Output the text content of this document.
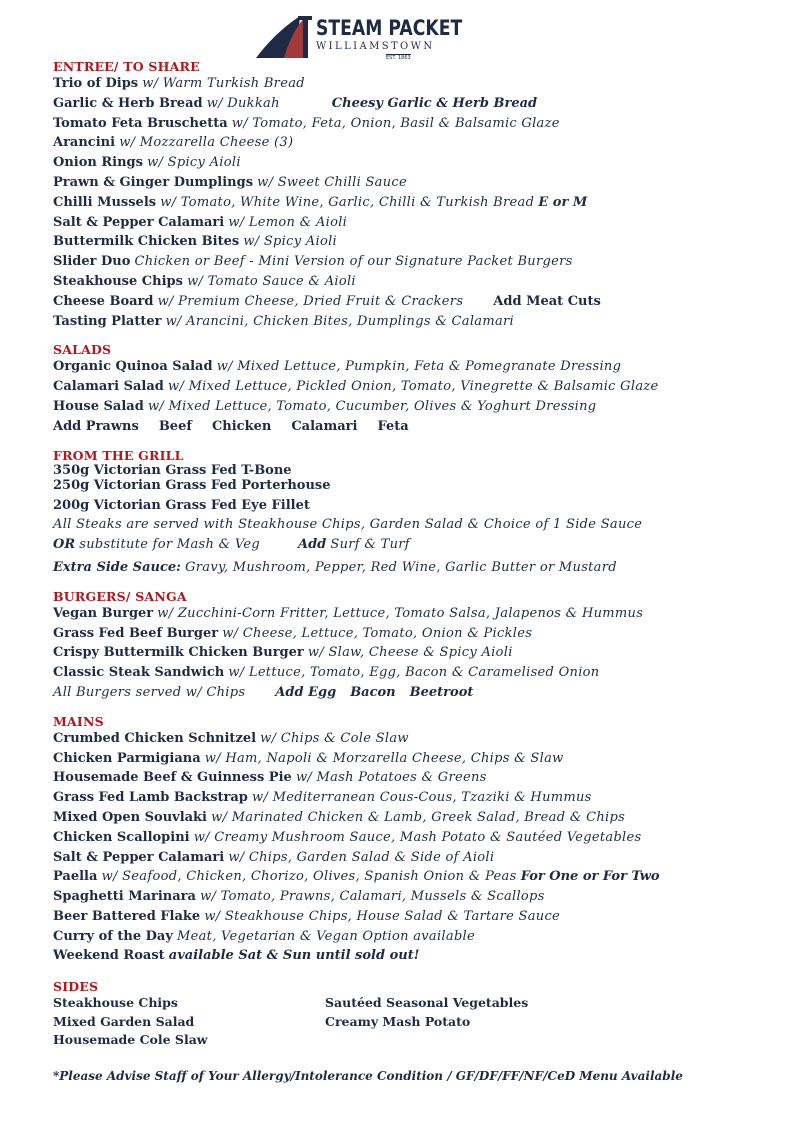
STEAM PACKET
WILLIAMSTOWN
EST. 1863
ENTREE/ TO SHARE
Trio of Dips w/ Warm Turkish Bread
Garlic & Herb Bread w/ Dukkah	Cheesy Garlic & Herb Bread
Tomato Feta Bruschetta w/ Tomato, Feta, Onion, Basil & Balsamic Glaze
Arancini w/ Mozzarella Cheese (3)
Onion Rings w/ Spicy Aioli
Prawn & Ginger Dumplings w/ Sweet Chilli Sauce
Chilli Mussels w/ Tomato, White Wine, Garlic, Chilli & Turkish Bread E or M
Salt & Pepper Calamari w/ Lemon & Aioli
Buttermilk Chicken Bites w/ Spicy Aioli
Slider Duo Chicken or Beef - Mini Version of our Signature Packet Burgers
Steakhouse Chips w/ Tomato Sauce & Aioli
Cheese Board w/ Premium Cheese, Dried Fruit & Crackers Add Meat Cuts
Tasting Platter w/ Arancini, Chicken Bites, Dumplings & Calamari
SALADS
Organic Quinoa Salad w/ Mixed Lettuce, Pumpkin, Feta & Pomegranate Dressing
Calamari Salad w/ Mixed Lettuce, Pickled Onion, Tomato, Vinegrette & Balsamic Glaze
House Salad w/ Mixed Lettuce, Tomato, Cucumber, Olives & Yoghurt Dressing
Add Prawns Beef Chicken Calamari Feta
FROM THE GRILL
350g Victorian Grass Fed T-Bone
250g Victorian Grass Fed Porterhouse
200g Victorian Grass Fed Eye Fillet
All Steaks are served with Steakhouse Chips, Garden Salad & Choice of 1 Side Sauce
OR substitute for Mash & Veg	Add Surf & Turf
Extra Side Sauce: Gravy, Mushroom, Pepper, Red Wine, Garlic Butter or Mustard
BURGERS/ SANGA
Vegan Burger w/ Zucchini-Corn Fritter, Lettuce, Tomato Salsa, Jalapenos & Hummus
Grass Fed Beef Burger w/ Cheese, Lettuce, Tomato, Onion & Pickles
Crispy Buttermilk Chicken Burger w/ Slaw, Cheese & Spicy Aioli
Classic Steak Sandwich w/ Lettuce, Tomato, Egg, Bacon & Caramelised Onion
All Burgers served w/ Chips Add Egg Bacon Beetroot
MAINS
Crumbed Chicken Schnitzel w/ Chips & Cole Slaw
Chicken Parmigiana w/ Ham, Napoli & Morzarella Cheese, Chips & Slaw
Housemade Beef & Guinness Pie w/ Mash Potatoes & Greens
Grass Fed Lamb Backstrap w/ Mediterranean Cous-Cous, Tzaziki & Hummus
Mixed Open Souvlaki w/ Marinated Chicken & Lamb, Greek Salad, Bread & Chips
Chicken Scallopini w/ Creamy Mushroom Sauce, Mash Potato & Sautéed Vegetables
Salt & Pepper Calamari w/ Chips, Garden Salad & Side of Aioli
Paella w/ Seafood, Chicken, Chorizo, Olives, Spanish Onion & Peas For One or For Two
Spaghetti Marinara w/ Tomato, Prawns, Calamari, Mussels & Scallops
Beer Battered Flake w/ Steakhouse Chips, House Salad & Tartare Sauce
Curry of the Day Meat, Vegetarian & Vegan Option available
Weekend Roast available Sat & Sun until sold out!
SIDES
Steakhouse Chips
Mixed Garden Salad
Housemade Cole Slaw
Sautéed Seasonal Vegetables
Creamy Mash Potato
*Please Advise Staff of Your Allergy/Intolerance Condition / GF/DF/FF/NF/CeD Menu Available
